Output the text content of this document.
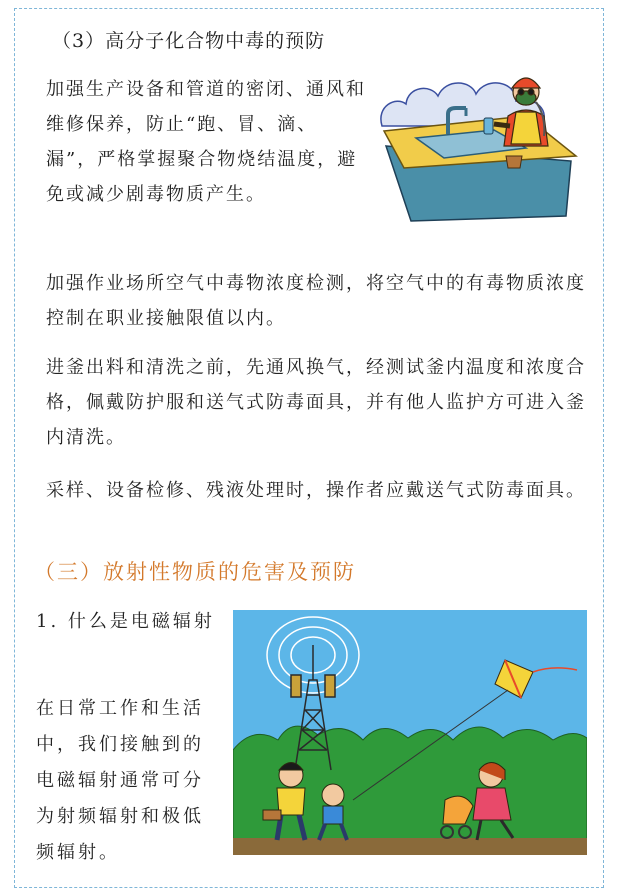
（3）高分子化合物中毒的预防

加强生产设备和管道的密闭、通风和维修保养，防止“跑、冒、滴、漏”，严格掌握聚合物烧结温度，避免或减少剧毒物质产生。

加强作业场所空气中毒物浓度检测，将空气中的有毒物质浓度控制在职业接触限值以内。

进釜出料和清洗之前，先通风换气，经测试釜内温度和浓度合格，佩戴防护服和送气式防毒面具，并有他人监护方可进入釜内清洗。

采样、设备检修、残液处理时，操作者应戴送气式防毒面具。

（三）放射性物质的危害及预防

1. 什么是电磁辐射

在日常工作和生活中，我们接触到的电磁辐射通常可分为射频辐射和极低频辐射。
